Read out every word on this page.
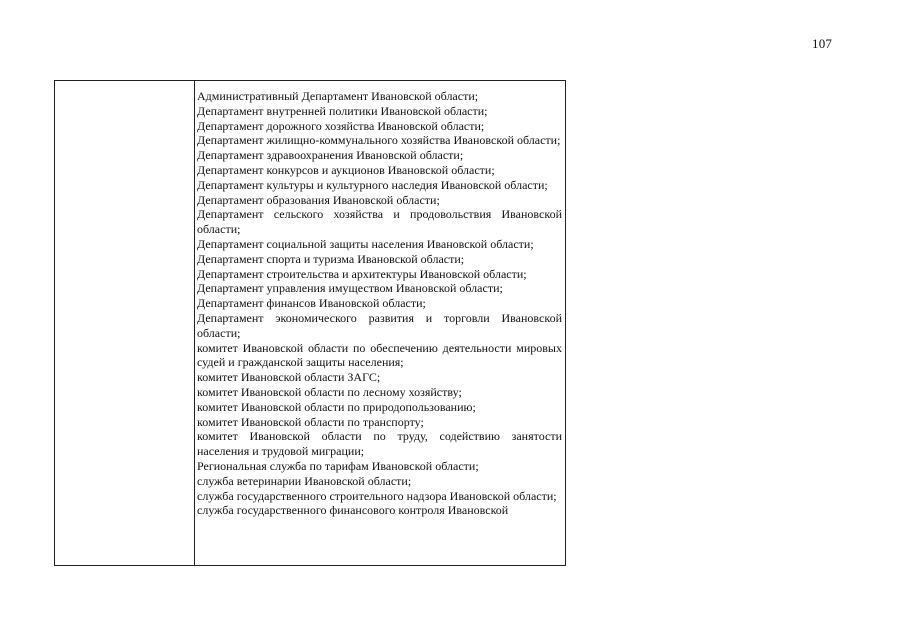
107

Административный Департамент Ивановской области;

Департамент внутренней политики Ивановской области;

Департамент дорожного хозяйства Ивановской области;

Департамент жилищно-коммунального хозяйства Ивановской области;

Департамент здравоохранения Ивановской области;

Департамент конкурсов и аукционов Ивановской области;

Департамент культуры и культурного наследия Ивановской области;

Департамент образования Ивановской области;

Департамент сельского хозяйства и продовольствия Ивановской области;

Департамент социальной защиты населения Ивановской области;

Департамент спорта и туризма Ивановской области;

Департамент строительства и архитектуры Ивановской области;

Департамент управления имуществом Ивановской области;

Департамент финансов Ивановской области;

Департамент экономического развития и торговли Ивановской области;

комитет Ивановской области по обеспечению деятельности мировых судей и гражданской защиты населения;

комитет Ивановской области ЗАГС;

комитет Ивановской области по лесному хозяйству;

комитет Ивановской области по природопользованию;

комитет Ивановской области по транспорту;

комитет Ивановской области по труду, содействию занятости населения и трудовой миграции;

Региональная служба по тарифам Ивановской области;

служба ветеринарии Ивановской области;

служба государственного строительного надзора Ивановской области;

служба государственного финансового контроля Ивановской
